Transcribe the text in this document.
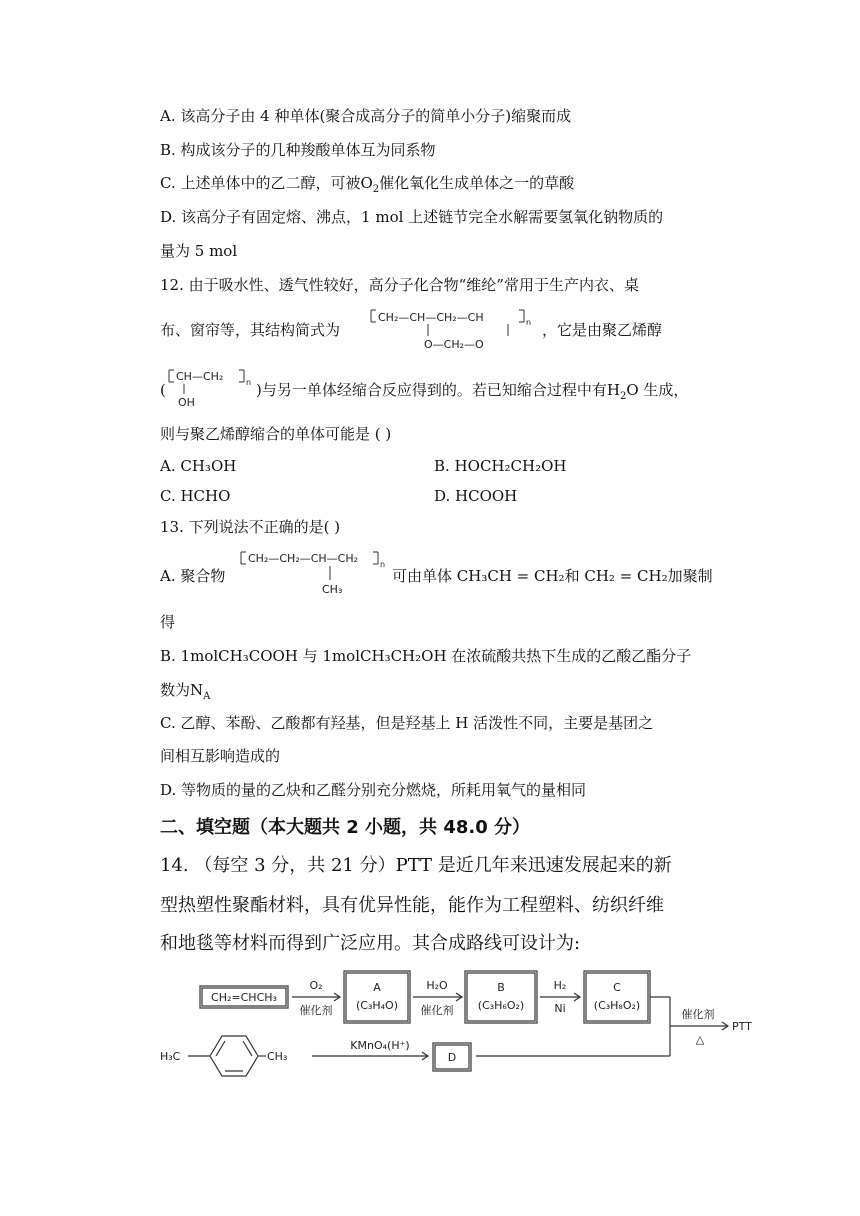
A. 该高分子由 4 种单体(聚合成高分子的简单小分子)缩聚而成
B. 构成该分子的几种羧酸单体互为同系物
C. 上述单体中的乙二醇，可被$O_2$催化氧化生成单体之一的草酸
D. 该高分子有固定熔、沸点，1 mol 上述链节完全水解需要氢氧化钠物质的
量为 5 mol
12. 由于吸水性、透气性较好，高分子化合物“维纶”常用于生产内衣、桌
布、窗帘等，其结构简式为
CH₂—CH—CH₂—CH	n
O—CH₂—O
，它是由聚乙烯醇
(
CH—CH₂	n
OH
)与另一单体经缩合反应得到的。若已知缩合过程中有$H_2O$ 生成，
则与聚乙烯醇缩合的单体可能是 ( )
A. CH₃OH	B. HOCH₂CH₂OH
C. HCHO	D. HCOOH
13. 下列说法不正确的是( )
A. 聚合物
CH₂—CH₂—CH—CH₂	n
CH₃
可由单体 CH₃CH = CH₂和 CH₂ = CH₂加聚制
得
B. 1molCH₃COOH 与 1molCH₃CH₂OH 在浓硫酸共热下生成的乙酸乙酯分子
数为$N_A$
C. 乙醇、苯酚、乙酸都有羟基，但是羟基上 H 活泼性不同，主要是基团之
间相互影响造成的
D. 等物质的量的乙炔和乙醛分别充分燃烧，所耗用氧气的量相同
二、填空题（本大题共 2 小题，共 48.0 分）
14. （每空 3 分，共 21 分）PTT 是近几年来迅速发展起来的新
型热塑性聚酯材料，具有优异性能，能作为工程塑料、纺织纤维
和地毯等材料而得到广泛应用。其合成路线可设计为:
CH₂=CHCH₃
O₂
催化剂
A
(C₃H₄O)
H₂O
催化剂
B
(C₃H₆O₂)
H₂
Ni
C
(C₃H₈O₂)
催化剂
△
PTT
H₃C	CH₃
KMnO₄(H⁺)
D
